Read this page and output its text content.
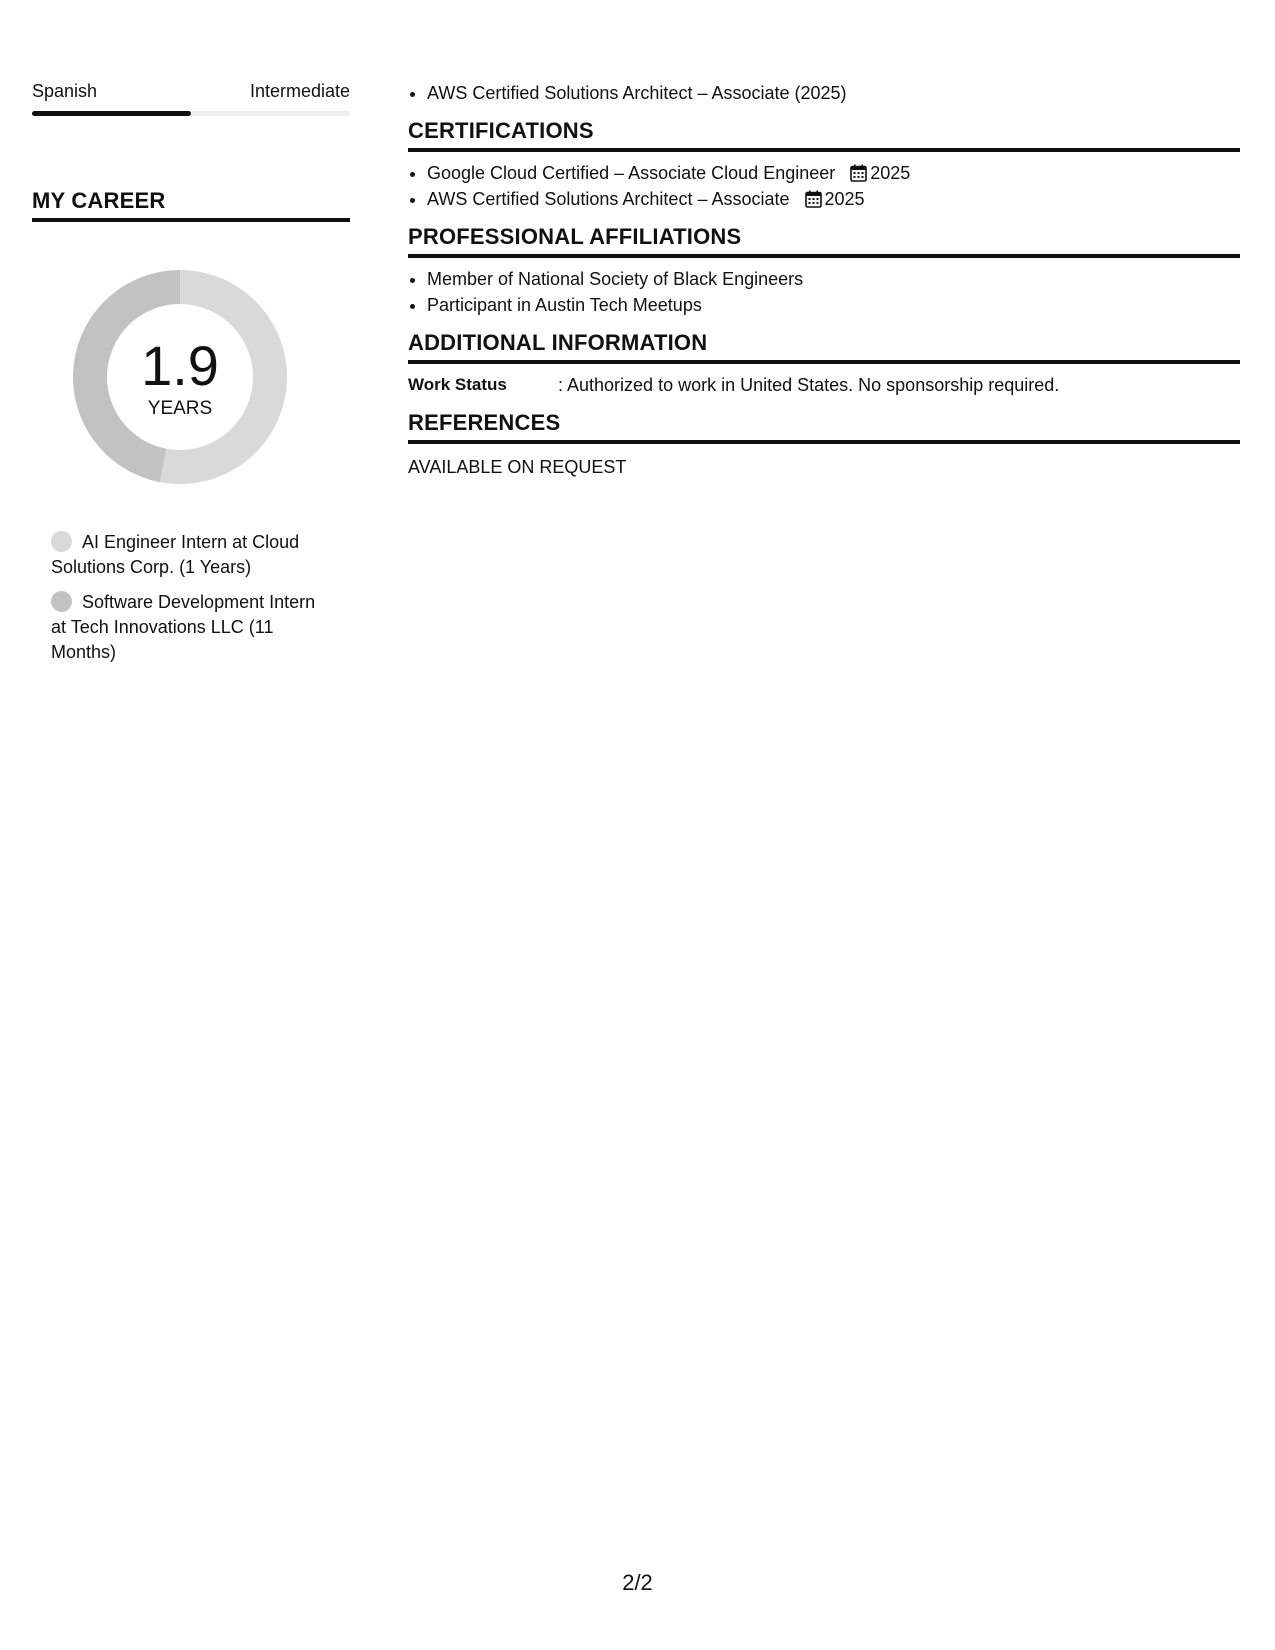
Spanish	Intermediate
MY CAREER
1.9
YEARS
AI Engineer Intern at Cloud Solutions Corp. (1 Years)
Software Development Intern at Tech Innovations LLC (11 Months)
• AWS Certified Solutions Architect – Associate (2025)
CERTIFICATIONS
• Google Cloud Certified – Associate Cloud Engineer 2025
• AWS Certified Solutions Architect – Associate 2025
PROFESSIONAL AFFILIATIONS
• Member of National Society of Black Engineers
• Participant in Austin Tech Meetups
ADDITIONAL INFORMATION
Work Status	: Authorized to work in United States. No sponsorship required.
REFERENCES
AVAILABLE ON REQUEST
2/2
